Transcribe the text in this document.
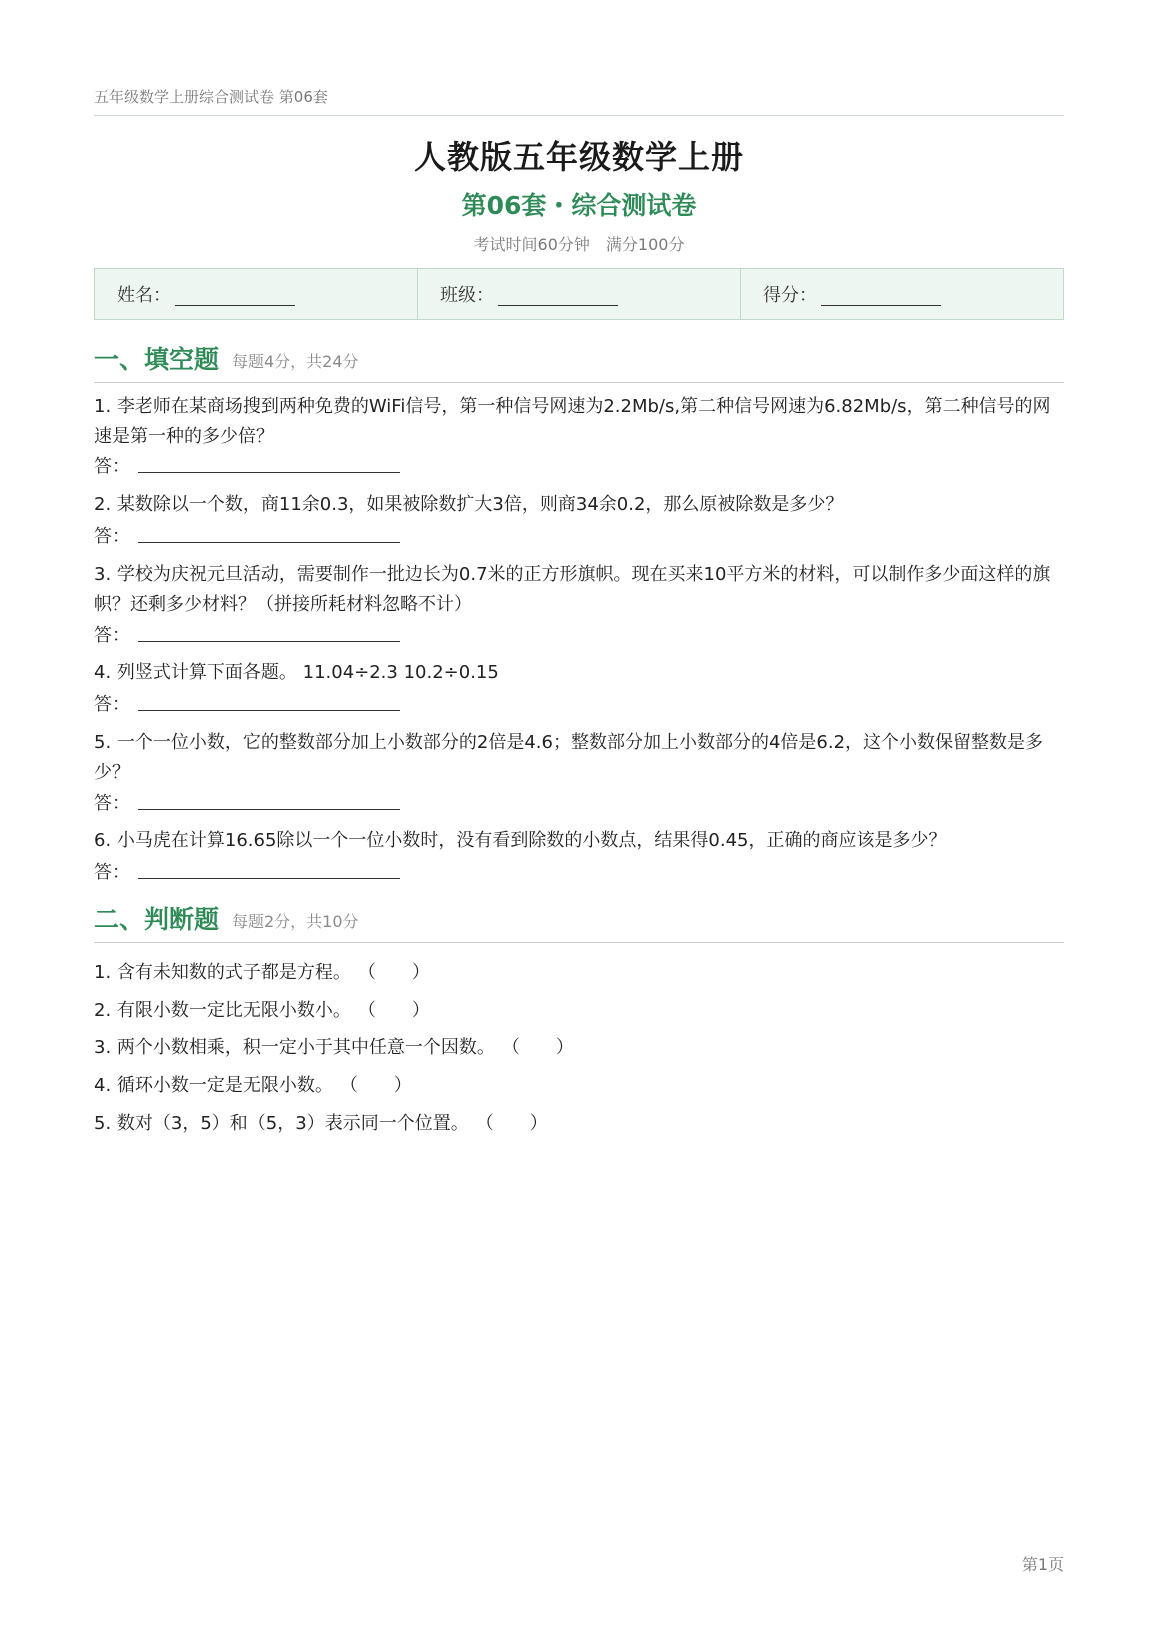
五年级数学上册综合测试卷 第06套
人教版五年级数学上册
第06套・综合测试卷
考试时间60分钟 满分100分
姓名：	班级：	得分：
一、填空题 每题4分，共24分
1. 李老师在某商场搜到两种免费的WiFi信号，第一种信号网速为2.2Mb/s,第二种信号网速为6.82Mb/s，第二种信号的网速是第一种的多少倍？
答：
2. 某数除以一个数，商11余0.3，如果被除数扩大3倍，则商34余0.2，那么原被除数是多少？
答：
3. 学校为庆祝元旦活动，需要制作一批边长为0.7米的正方形旗帜。现在买来10平方米的材料，可以制作多少面这样的旗帜？还剩多少材料？（拼接所耗材料忽略不计）
答：
4. 列竖式计算下面各题。 11.04÷2.3 10.2÷0.15
答：
5. 一个一位小数，它的整数部分加上小数部分的2倍是4.6；整数部分加上小数部分的4倍是6.2，这个小数保留整数是多少？
答：
6. 小马虎在计算16.65除以一个一位小数时，没有看到除数的小数点，结果得0.45，正确的商应该是多少？
答：
二、判断题 每题2分，共10分
1. 含有未知数的式子都是方程。 （　　）
2. 有限小数一定比无限小数小。 （　　）
3. 两个小数相乘，积一定小于其中任意一个因数。 （　　）
4. 循环小数一定是无限小数。 （　　）
5. 数对（3，5）和（5，3）表示同一个位置。 （　　）
第1页
